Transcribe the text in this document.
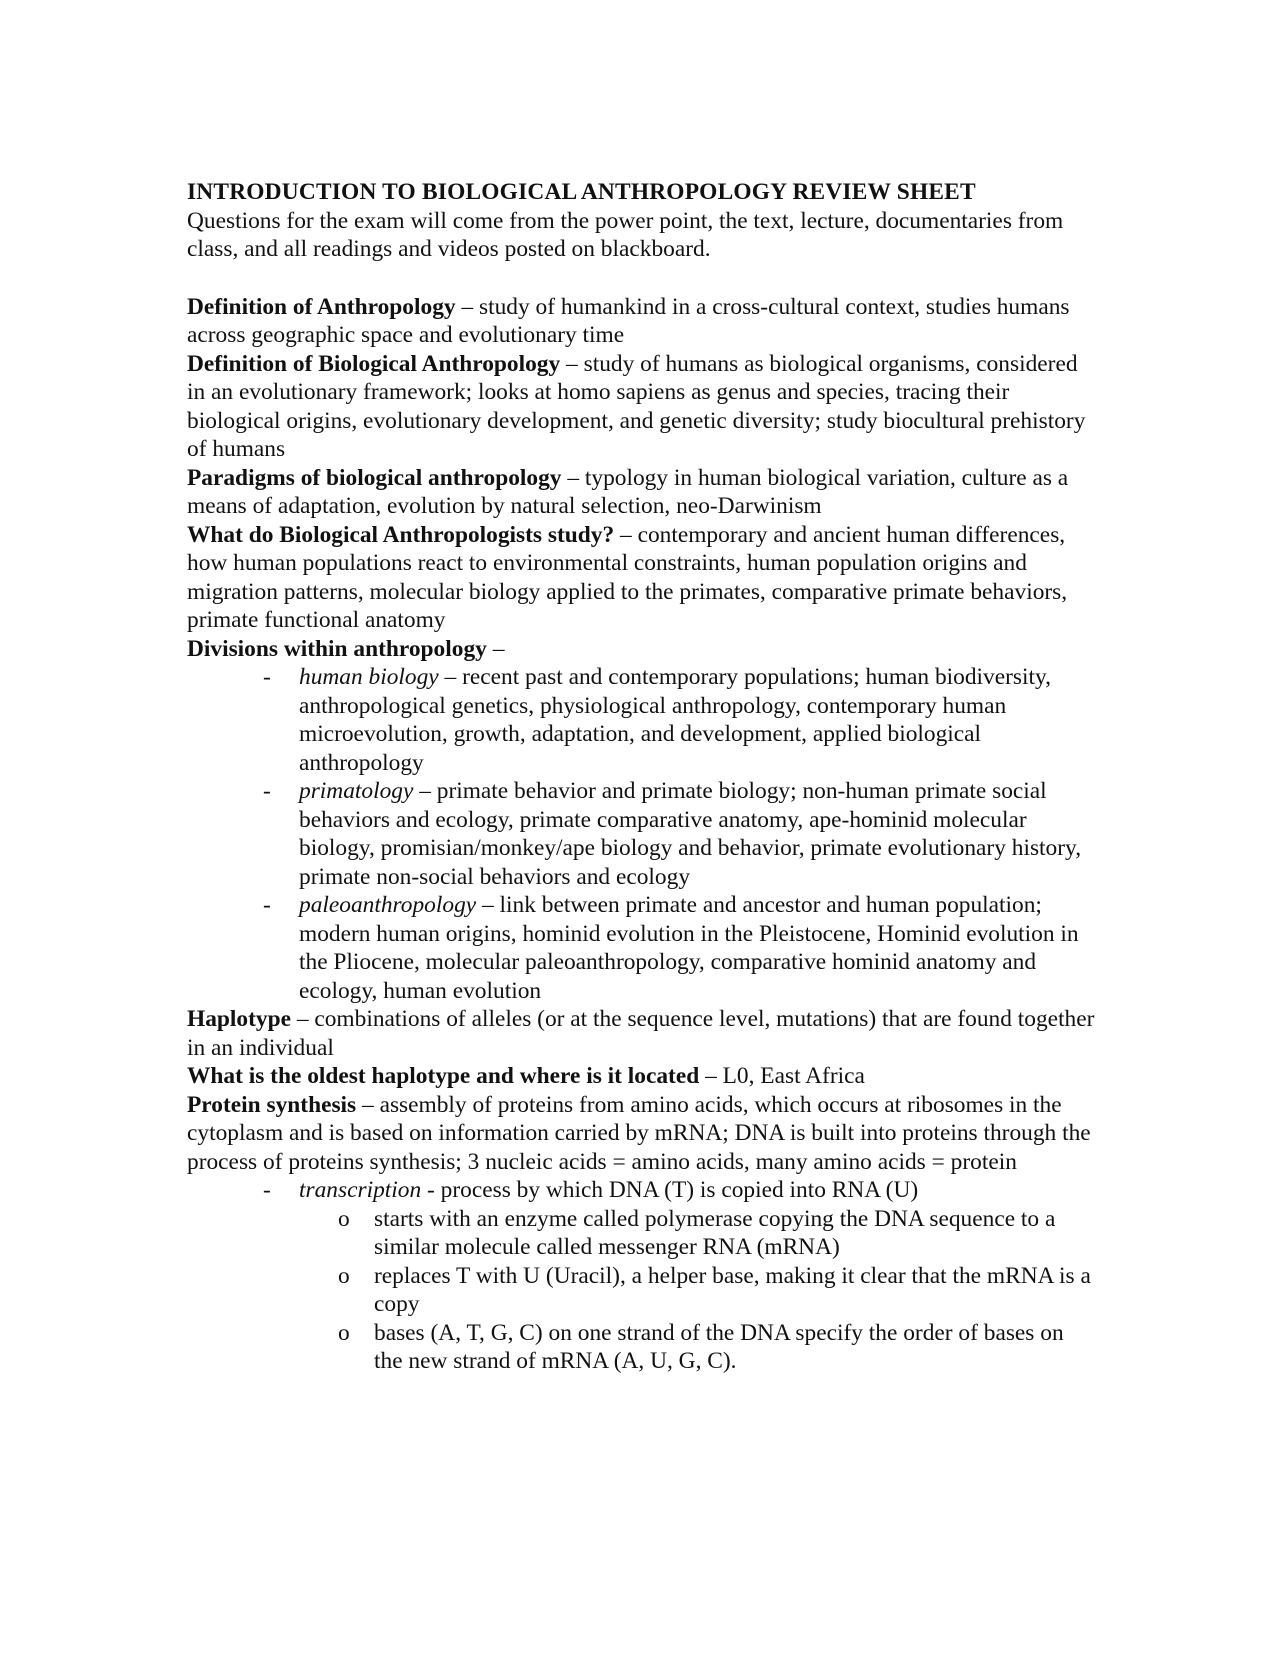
INTRODUCTION TO BIOLOGICAL ANTHROPOLOGY REVIEW SHEET

Questions for the exam will come from the power point, the text, lecture, documentaries from class, and all readings and videos posted on blackboard.

Definition of Anthropology – study of humankind in a cross-cultural context, studies humans across geographic space and evolutionary time

Definition of Biological Anthropology – study of humans as biological organisms, considered in an evolutionary framework; looks at homo sapiens as genus and species, tracing their biological origins, evolutionary development, and genetic diversity; study biocultural prehistory of humans

Paradigms of biological anthropology – typology in human biological variation, culture as a means of adaptation, evolution by natural selection, neo-Darwinism

What do Biological Anthropologists study? – contemporary and ancient human differences, how human populations react to environmental constraints, human population origins and migration patterns, molecular biology applied to the primates, comparative primate behaviors, primate functional anatomy

Divisions within anthropology –

- human biology – recent past and contemporary populations; human biodiversity, anthropological genetics, physiological anthropology, contemporary human microevolution, growth, adaptation, and development, applied biological anthropology
- primatology – primate behavior and primate biology; non-human primate social behaviors and ecology, primate comparative anatomy, ape-hominid molecular biology, promisian/monkey/ape biology and behavior, primate evolutionary history, primate non-social behaviors and ecology
- paleoanthropology – link between primate and ancestor and human population; modern human origins, hominid evolution in the Pleistocene, Hominid evolution in the Pliocene, molecular paleoanthropology, comparative hominid anatomy and ecology, human evolution

Haplotype – combinations of alleles (or at the sequence level, mutations) that are found together in an individual

What is the oldest haplotype and where is it located – L0, East Africa

Protein synthesis – assembly of proteins from amino acids, which occurs at ribosomes in the cytoplasm and is based on information carried by mRNA; DNA is built into proteins through the process of proteins synthesis; 3 nucleic acids = amino acids, many amino acids = protein

- transcription - process by which DNA (T) is copied into RNA (U)
o starts with an enzyme called polymerase copying the DNA sequence to a similar molecule called messenger RNA (mRNA)
o replaces T with U (Uracil), a helper base, making it clear that the mRNA is a copy
o bases (A, T, G, C) on one strand of the DNA specify the order of bases on the new strand of mRNA (A, U, G, C).
